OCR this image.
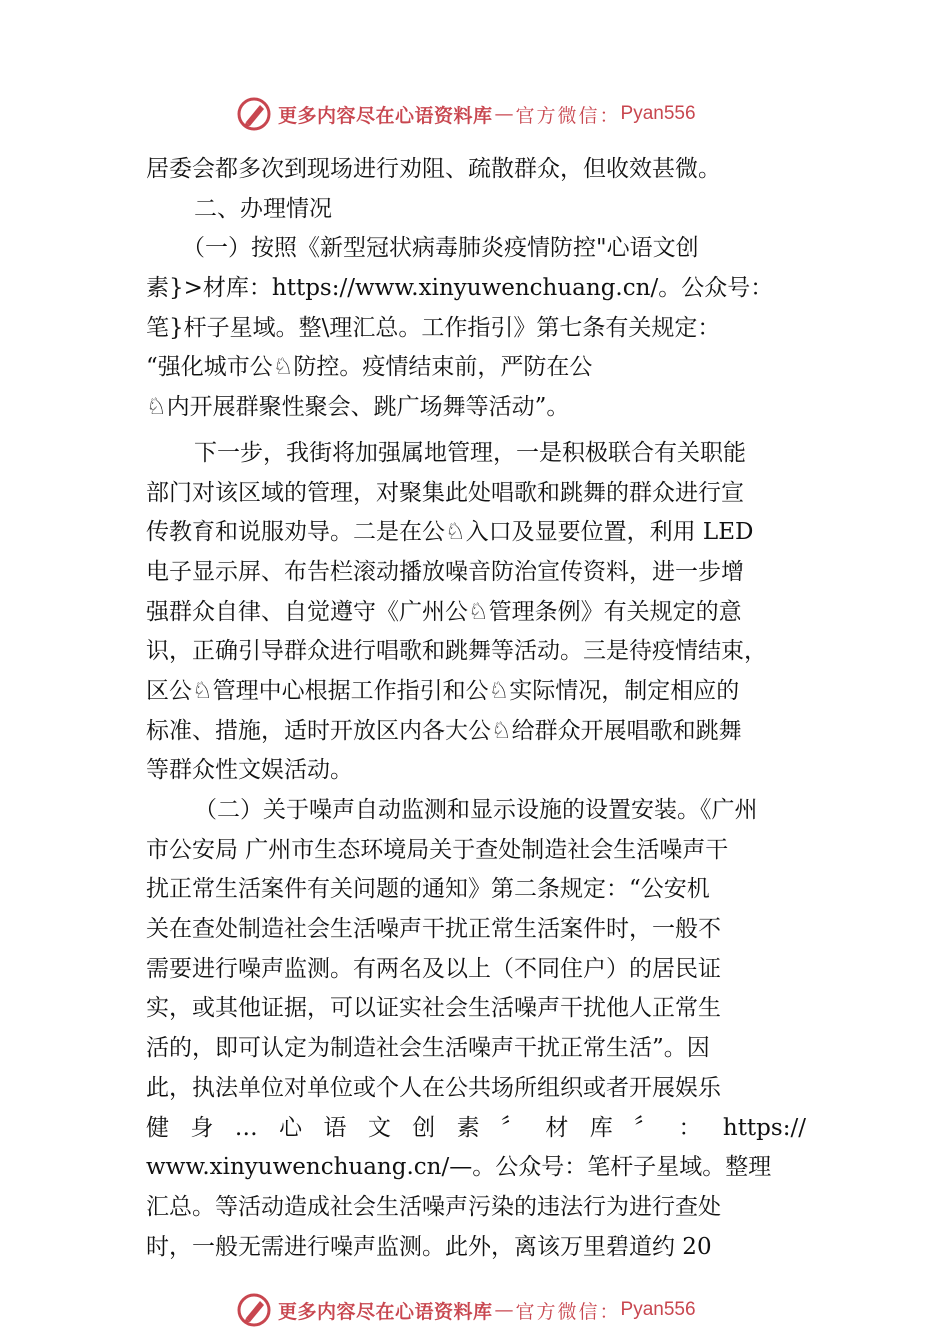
更多内容尽在心语资料库 — 官方微信： Pyan556
居委会都多次到现场进行劝阻、疏散群众，但收效甚微。
二、办理情况
（一）按照《新型冠状病毒肺炎疫情防控"心语文创
素}>材库：https://www.xinyuwenchuang.cn/。公众号：
笔}杆子星域。整\理汇总。工作指引》第七条有关规定：
“强化城市公♘防控。疫情结束前，严防在公
♘内开展群聚性聚会、跳广场舞等活动”。
下一步，我街将加强属地管理，一是积极联合有关职能
部门对该区域的管理，对聚集此处唱歌和跳舞的群众进行宣
传教育和说服劝导。二是在公♘入口及显要位置，利用 LED
电子显示屏、布告栏滚动播放噪音防治宣传资料，进一步增
强群众自律、自觉遵守《广州公♘管理条例》有关规定的意
识，正确引导群众进行唱歌和跳舞等活动。三是待疫情结束，
区公♘管理中心根据工作指引和公♘实际情况，制定相应的
标准、措施，适时开放区内各大公♘给群众开展唱歌和跳舞
等群众性文娱活动。
（二）关于噪声自动监测和显示设施的设置安装。《广州
市公安局 广州市生态环境局关于查处制造社会生活噪声干
扰正常生活案件有关问题的通知》第二条规定：“公安机
关在查处制造社会生活噪声干扰正常生活案件时，一般不
需要进行噪声监测。有两名及以上（不同住户）的居民证
实，或其他证据，可以证实社会生活噪声干扰他人正常生
活的，即可认定为制造社会生活噪声干扰正常生活”。因
此，执法单位对单位或个人在公共场所组织或者开展娱乐
健 身 … 心 语 文 创 素 〞 材 库 〞 ： https://
www.xinyuwenchuang.cn/—。公众号：笔杆子星域。整理
汇总。等活动造成社会生活噪声污染的违法行为进行查处
时，一般无需进行噪声监测。此外，离该万里碧道约 20
更多内容尽在心语资料库 — 官方微信： Pyan556
